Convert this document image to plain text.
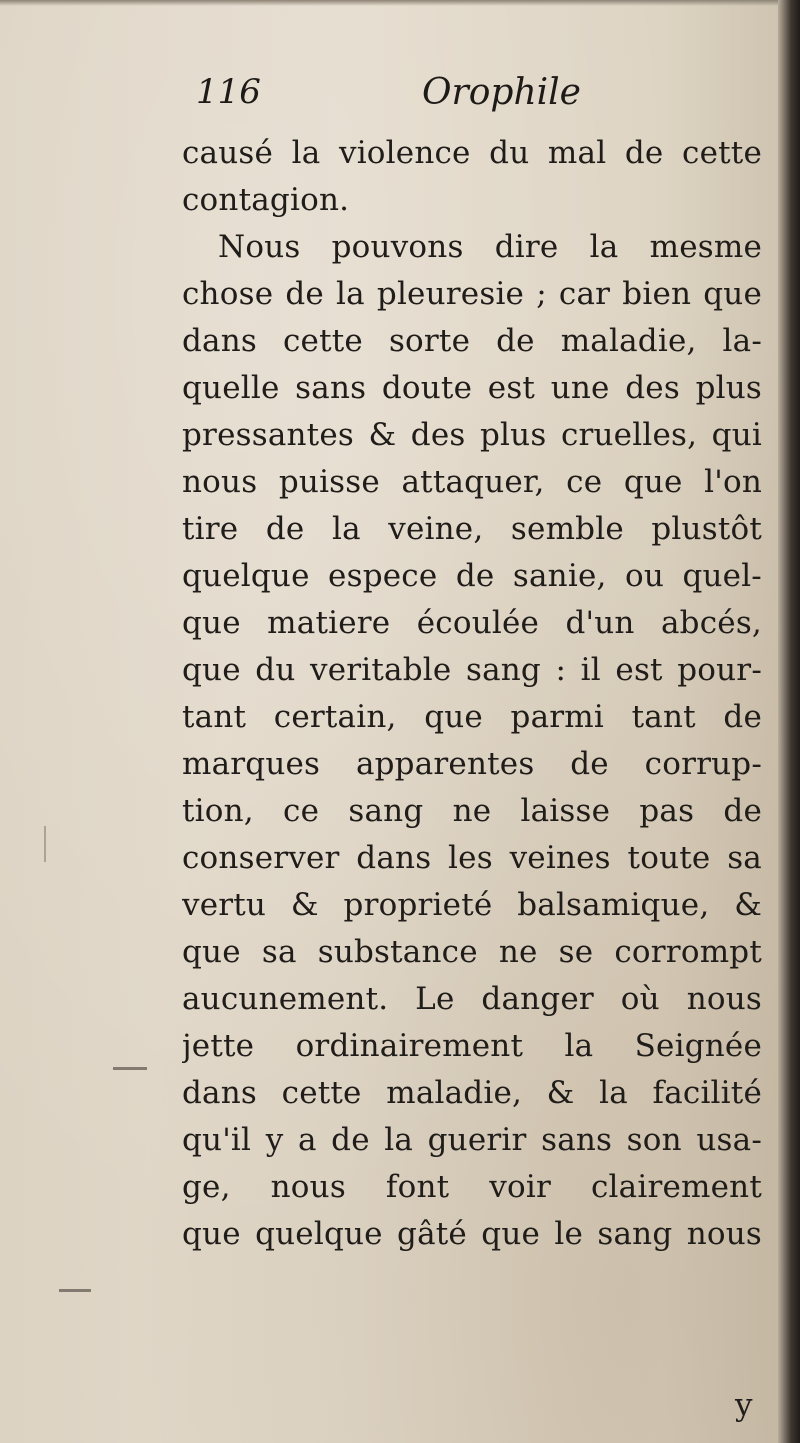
116	Orophile
causé la violence du mal de cette
contagion.
Nous pouvons dire la mesme
chose de la pleuresie ; car bien que
dans cette sorte de maladie, la-
quelle sans doute est une des plus
pressantes & des plus cruelles, qui
nous puisse attaquer, ce que l'on
tire de la veine, semble plustôt
quelque espece de sanie, ou quel-
que matiere écoulée d'un abcés,
que du veritable sang : il est pour-
tant certain, que parmi tant de
marques apparentes de corrup-
tion, ce sang ne laisse pas de
conserver dans les veines toute sa
vertu & proprieté balsamique, &
que sa substance ne se corrompt
aucunement. Le danger où nous
jette ordinairement la Seignée
dans cette maladie, & la facilité
qu'il y a de la guerir sans son usa-
ge, nous font voir clairement
que quelque gâté que le sang nous
y
